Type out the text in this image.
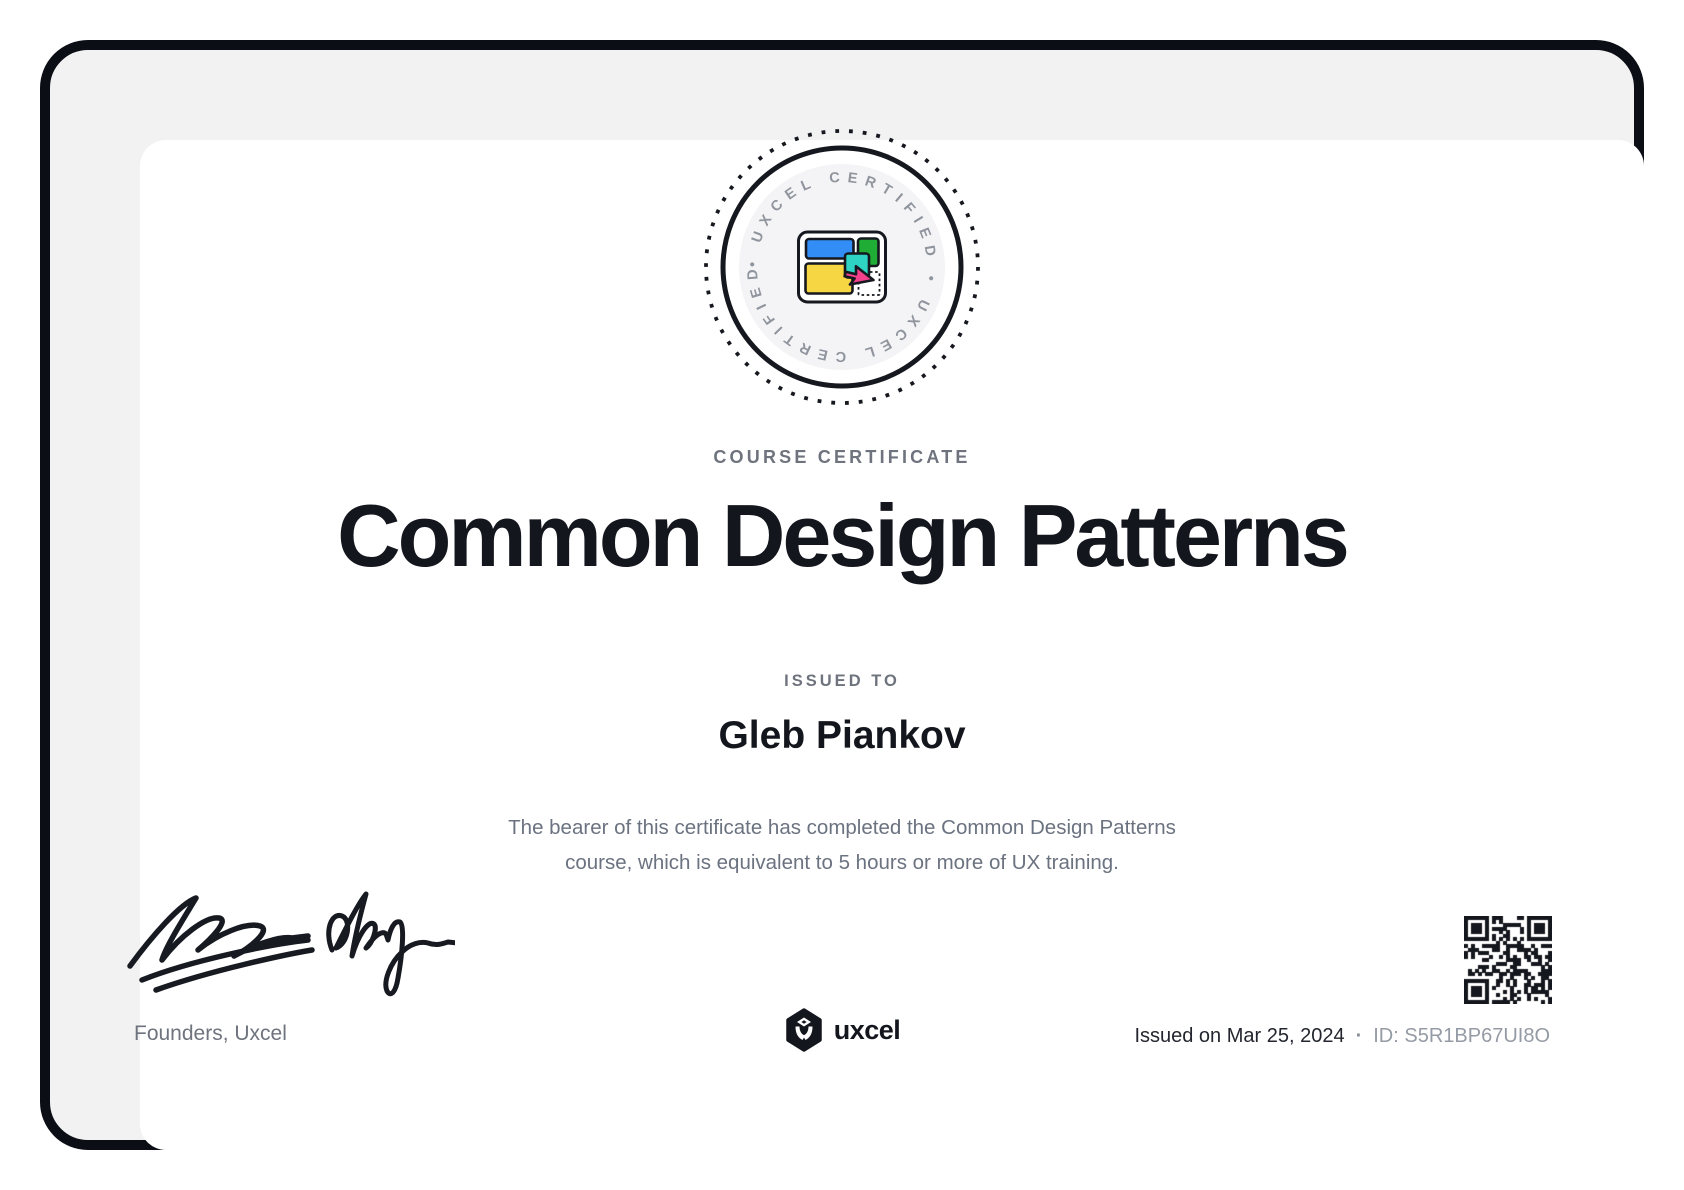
• UXCEL CERTIFIED • UXCEL CERTIFIED
COURSE CERTIFICATE
Common Design Patterns
ISSUED TO
Gleb Piankov
The bearer of this certificate has completed the Common Design Patterns
course, which is equivalent to 5 hours or more of UX training.
Founders, Uxcel	uxcel	Issued on Mar 25, 2024 · ID: S5R1BP67UI8O
